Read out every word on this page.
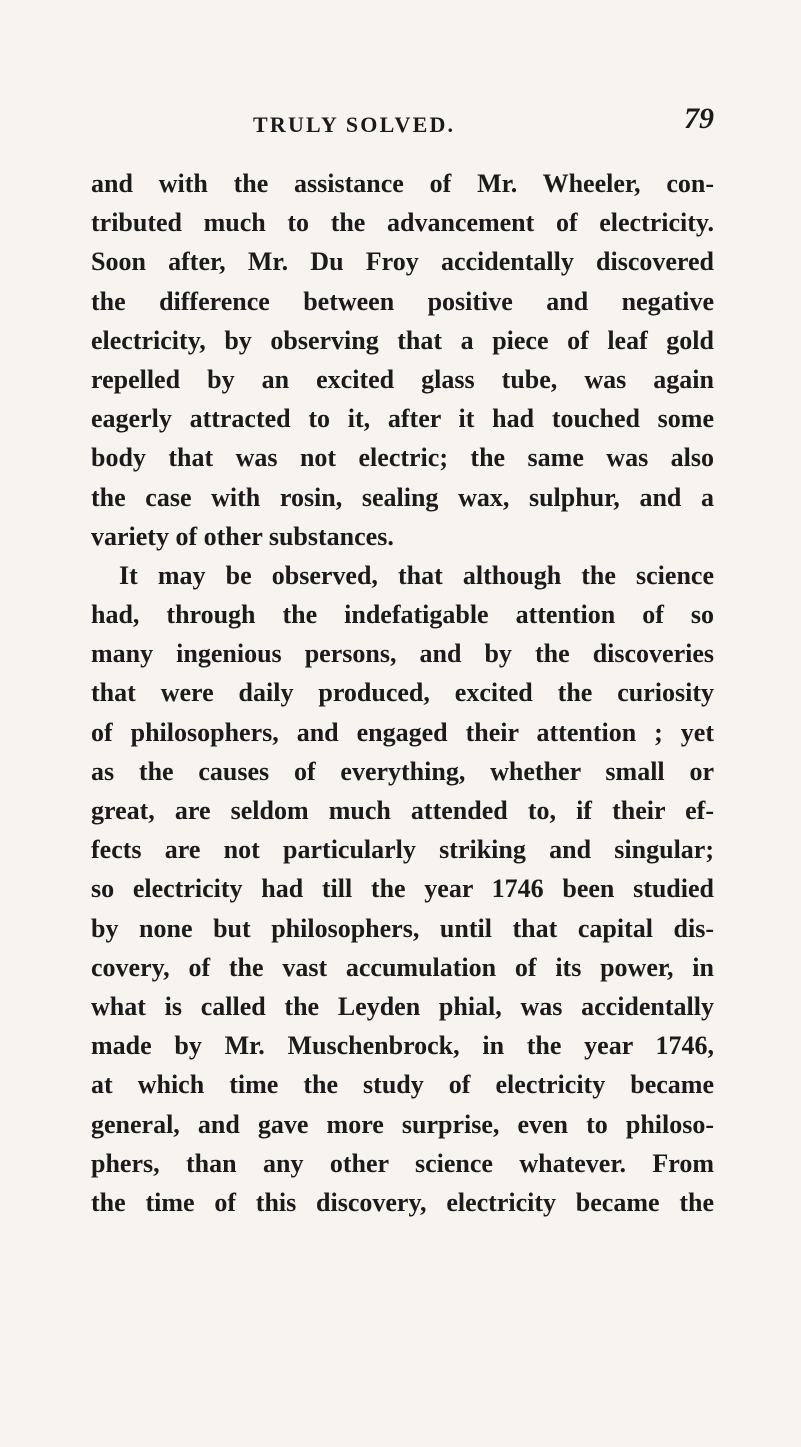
TRULY SOLVED.	79
and with the assistance of Mr. Wheeler, con-
tributed much to the advancement of electricity.
Soon after, Mr. Du Froy accidentally discovered
the difference between positive and negative
electricity, by observing that a piece of leaf gold
repelled by an excited glass tube, was again
eagerly attracted to it, after it had touched some
body that was not electric; the same was also
the case with rosin, sealing wax, sulphur, and a
variety of other substances.
It may be observed, that although the science
had, through the indefatigable attention of so
many ingenious persons, and by the discoveries
that were daily produced, excited the curiosity
of philosophers, and engaged their attention ; yet
as the causes of everything, whether small or
great, are seldom much attended to, if their ef-
fects are not particularly striking and singular;
so electricity had till the year 1746 been studied
by none but philosophers, until that capital dis-
covery, of the vast accumulation of its power, in
what is called the Leyden phial, was accidentally
made by Mr. Muschenbrock, in the year 1746,
at which time the study of electricity became
general, and gave more surprise, even to philoso-
phers, than any other science whatever. From
the time of this discovery, electricity became the
